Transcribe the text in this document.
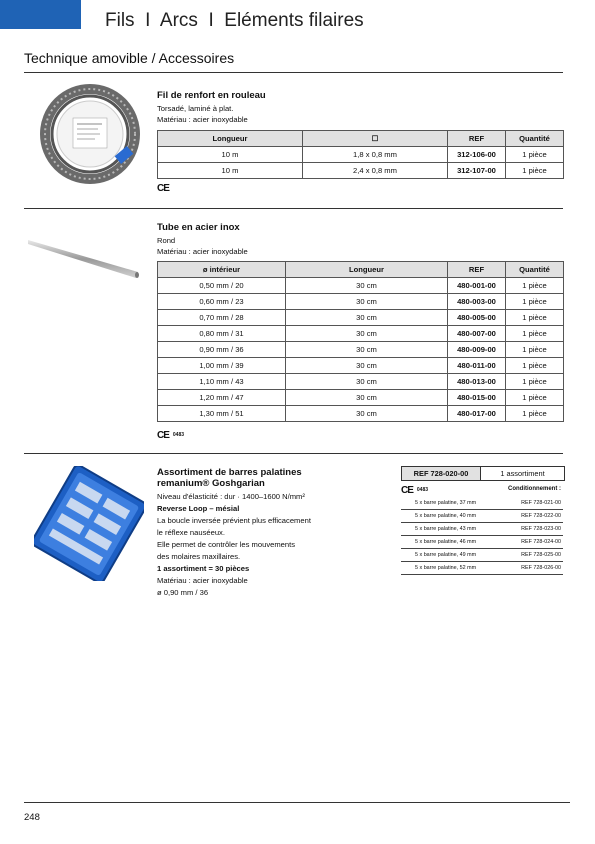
Fils  I  Arcs  I  Eléments filaires
Technique amovible / Accessoires
Fil de renfort en rouleau
Torsadé, laminé à plat.
Matériau : acier inoxydable
Longueur	☐	REF	Quantité
10 m	1,8 x 0,8 mm	312-106-00	1 pièce
10 m	2,4 x 0,8 mm	312-107-00	1 pièce
CE
Tube en acier inox
Rond
Matériau : acier inoxydable
ø intérieur	Longueur	REF	Quantité
0,50 mm / 20	30 cm	480-001-00	1 pièce
0,60 mm / 23	30 cm	480-003-00	1 pièce
0,70 mm / 28	30 cm	480-005-00	1 pièce
0,80 mm / 31	30 cm	480-007-00	1 pièce
0,90 mm / 36	30 cm	480-009-00	1 pièce
1,00 mm / 39	30 cm	480-011-00	1 pièce
1,10 mm / 43	30 cm	480-013-00	1 pièce
1,20 mm / 47	30 cm	480-015-00	1 pièce
1,30 mm / 51	30 cm	480-017-00	1 pièce
CE 0483
Assortiment de barres palatines
remanium® Goshgarian
Niveau d'élasticité : dur · 1400–1600 N/mm²
Reverse Loop – mésial
La boucle inversée prévient plus efficacement
le réflexe nauséeux.
Elle permet de contrôler les mouvements
des molaires maxillaires.
1 assortiment = 30 pièces
Matériau : acier inoxydable
ø 0,90 mm / 36
REF 728-020-00	1 assortiment
CE 0483	Conditionnement :
5 x barre palatine, 37 mm	REF 728-021-00
5 x barre palatine, 40 mm	REF 728-022-00
5 x barre palatine, 43 mm	REF 728-023-00
5 x barre palatine, 46 mm	REF 728-024-00
5 x barre palatine, 49 mm	REF 728-025-00
5 x barre palatine, 52 mm	REF 728-026-00
248
